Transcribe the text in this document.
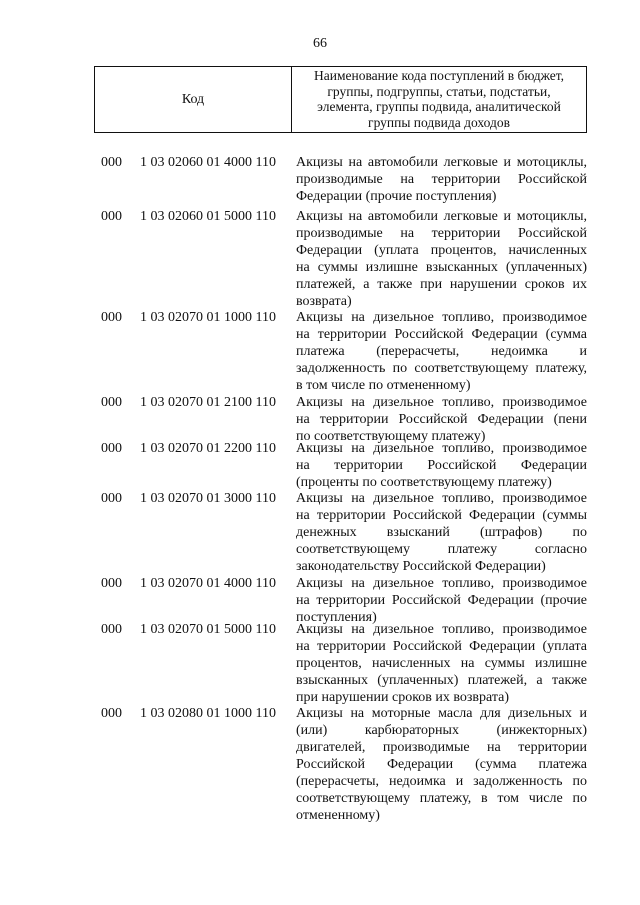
66
Код
Наименование кода поступлений в бюджет,
группы, подгруппы, статьи, подстатьи,
элемента, группы подвида, аналитической
группы подвида доходов
000 1 03 02060 01 4000 110 Акцизы на автомобили легковые и мотоциклы,
производимые на территории Российской
Федерации (прочие поступления)
000 1 03 02060 01 5000 110 Акцизы на автомобили легковые и мотоциклы,
производимые на территории Российской
Федерации (уплата процентов, начисленных
на суммы излишне взысканных (уплаченных)
платежей, а также при нарушении сроков их
возврата)
000 1 03 02070 01 1000 110 Акцизы на дизельное топливо, производимое
на территории Российской Федерации (сумма
платежа (перерасчеты, недоимка и
задолженность по соответствующему платежу,
в том числе по отмененному)
000 1 03 02070 01 2100 110 Акцизы на дизельное топливо, производимое
на территории Российской Федерации (пени
по соответствующему платежу)
000 1 03 02070 01 2200 110 Акцизы на дизельное топливо, производимое
на территории Российской Федерации
(проценты по соответствующему платежу)
000 1 03 02070 01 3000 110 Акцизы на дизельное топливо, производимое
на территории Российской Федерации (суммы
денежных взысканий (штрафов) по
соответствующему платежу согласно
законодательству Российской Федерации)
000 1 03 02070 01 4000 110 Акцизы на дизельное топливо, производимое
на территории Российской Федерации (прочие
поступления)
000 1 03 02070 01 5000 110 Акцизы на дизельное топливо, производимое
на территории Российской Федерации (уплата
процентов, начисленных на суммы излишне
взысканных (уплаченных) платежей, а также
при нарушении сроков их возврата)
000 1 03 02080 01 1000 110 Акцизы на моторные масла для дизельных и
(или) карбюраторных (инжекторных)
двигателей, производимые на территории
Российской Федерации (сумма платежа
(перерасчеты, недоимка и задолженность по
соответствующему платежу, в том числе по
отмененному)
